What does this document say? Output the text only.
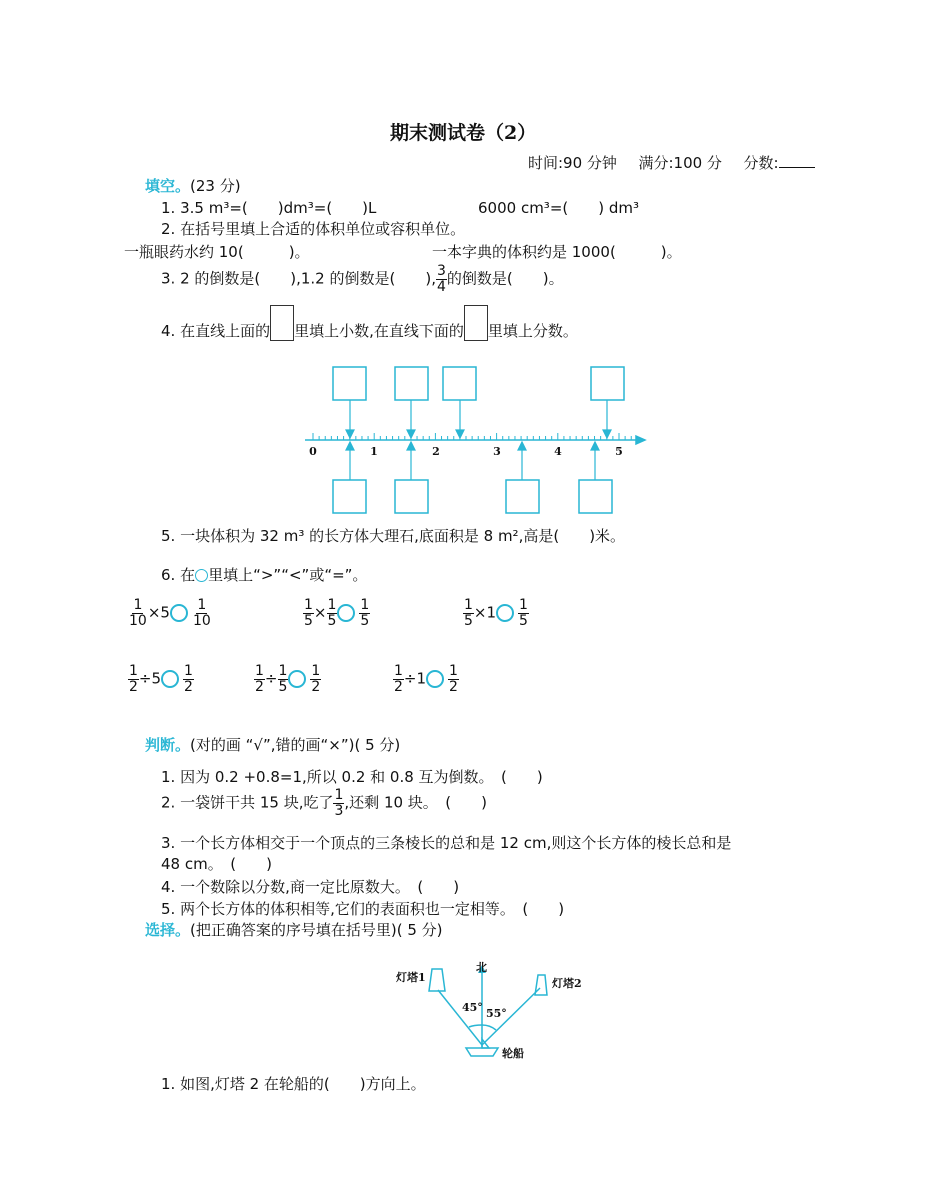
期末测试卷（2）
时间:90 分钟 满分:100 分 分数:
填空。(23 分)
1. 3.5 m³=(　　)dm³=(　　)L	6000 cm³=(　　) dm³
2. 在括号里填上合适的体积单位或容积单位。
一瓶眼药水约 10(　　　)。	一本字典的体积约是 1000(　　　)。
3. 2 的倒数是(　　),1.2 的倒数是(　　), $\frac{3}{4}$ 的倒数是(　　)。
4. 在直线上面的 里填上小数,在直线下面的 里填上分数。
0	1	2	3	4	5
5. 一块体积为 32 m³ 的长方体大理石,底面积是 8 m²,高是(　　)米。
6. 在 里填上“>”“<”或“=”。
$\frac{1}{10} \times 5 \frac{1}{10}$	$\frac{1}{5} \times \frac{1}{5} \frac{1}{5}$	$\frac{1}{5} \times 1 \frac{1}{5}$
$\frac{1}{2} \div 5 \frac{1}{2}$	$\frac{1}{2} \div \frac{1}{5} \frac{1}{2}$	$\frac{1}{2} \div 1 \frac{1}{2}$
判断。(对的画 “√”,错的画“×”)( 5 分)
1. 因为 0.2 +0.8=1,所以 0.2 和 0.8 互为倒数。　(　　)
2. 一袋饼干共 15 块,吃了 $\frac{1}{3}$ ,还剩 10 块。　(　　)
3. 一个长方体相交于一个顶点的三条棱长的总和是 12 cm,则这个长方体的棱长总和是
48 cm。　(　　)
4. 一个数除以分数,商一定比原数大。　(　　)
5. 两个长方体的体积相等,它们的表面积也一定相等。　(　　)
选择。(把正确答案的序号填在括号里)( 5 分)
灯塔1
北
灯塔2
45° 55°
轮船
1. 如图,灯塔 2 在轮船的(　　)方向上。
